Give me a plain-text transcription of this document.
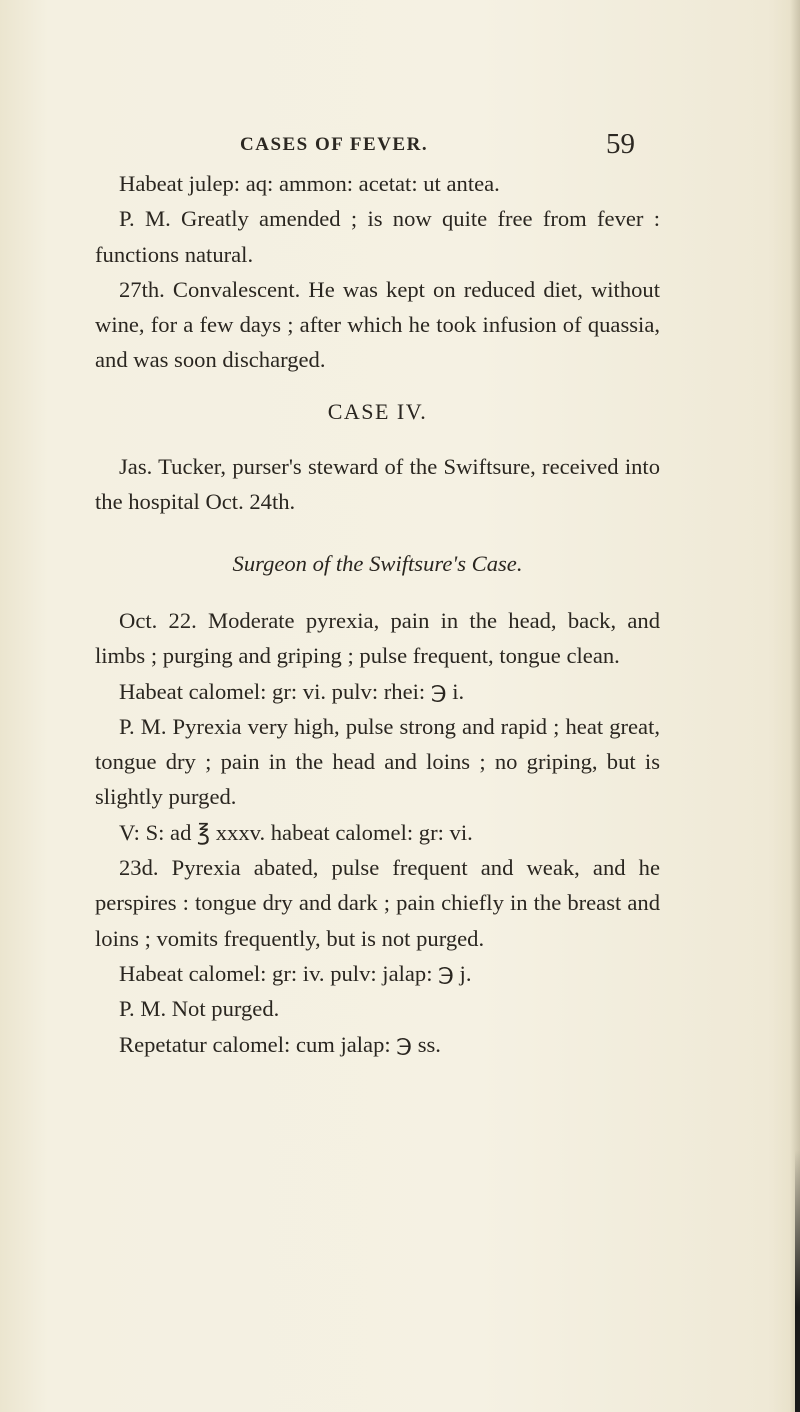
CASES OF FEVER.	59

Habeat julep: aq: ammon: acetat: ut antea.

P. M. Greatly amended ; is now quite free from fever : functions natural.

27th. Convalescent. He was kept on reduced diet, without wine, for a few days ; after which he took infusion of quassia, and was soon discharged.

CASE IV.

Jas. Tucker, purser's steward of the Swiftsure, received into the hospital Oct. 24th.

Surgeon of the Swiftsure's Case.

Oct. 22. Moderate pyrexia, pain in the head, back, and limbs ; purging and griping ; pulse frequent, tongue clean.

Habeat calomel: gr: vi. pulv: rhei: ℈ i.

P. M. Pyrexia very high, pulse strong and rapid ; heat great, tongue dry ; pain in the head and loins ; no griping, but is slightly purged.

V: S: ad ℥ xxxv. habeat calomel: gr: vi.

23d. Pyrexia abated, pulse frequent and weak, and he perspires : tongue dry and dark ; pain chiefly in the breast and loins ; vomits frequently, but is not purged.

Habeat calomel: gr: iv. pulv: jalap: ℈ j.

P. M. Not purged.

Repetatur calomel: cum jalap: ℈ ss.
